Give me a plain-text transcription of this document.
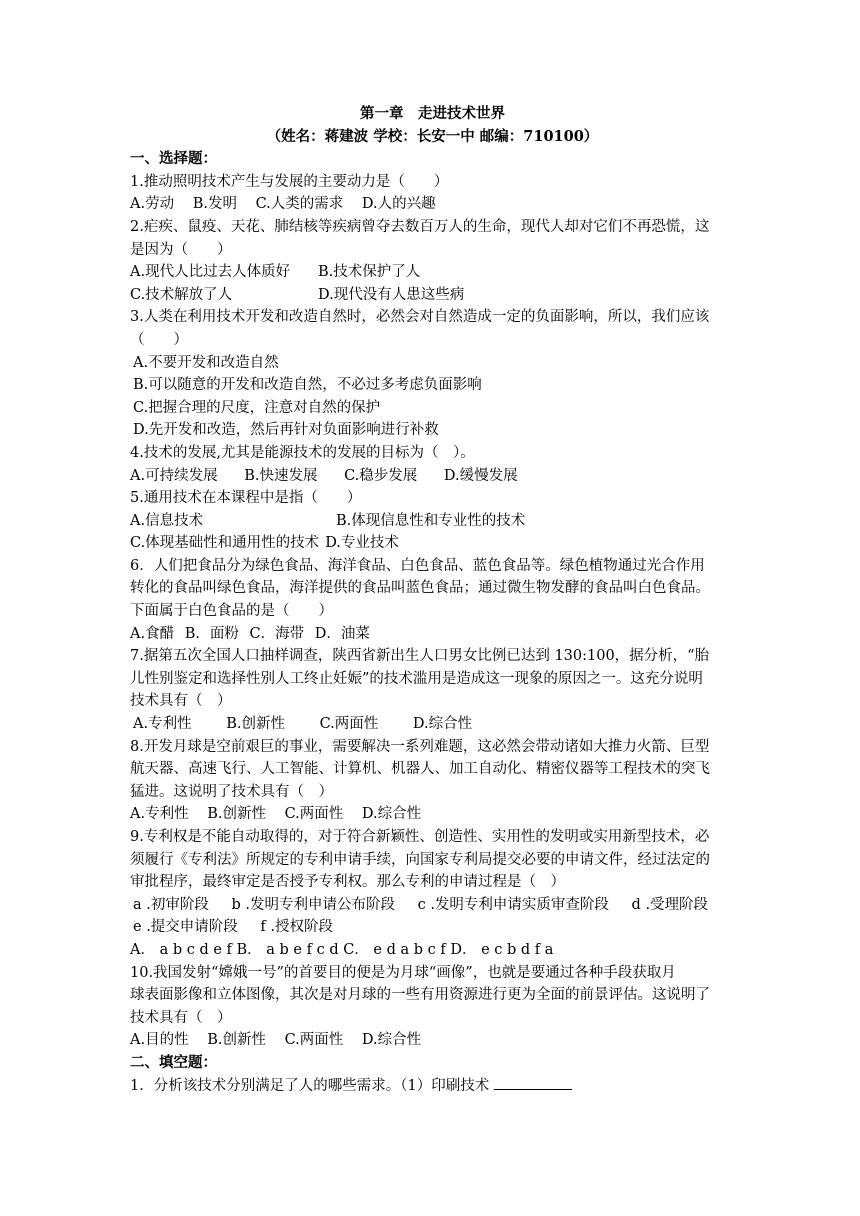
第一章　走进技术世界
（姓名：蒋建波 学校：长安一中 邮编：710100）
一、选择题：
1.推动照明技术产生与发展的主要动力是（　　）
A.劳动 B.发明 C.人类的需求 D.人的兴趣
2.疟疾、鼠疫、天花、肺结核等疾病曾夺去数百万人的生命，现代人却对它们不再恐慌，这
是因为（　　）
A.现代人比过去人体质好	B.技术保护了人
C.技术解放了人	D.现代没有人患这些病
3.人类在利用技术开发和改造自然时，必然会对自然造成一定的负面影响，所以，我们应该
（　　）
A.不要开发和改造自然
B.可以随意的开发和改造自然，不必过多考虑负面影响
C.把握合理的尺度，注意对自然的保护
D.先开发和改造，然后再针对负面影响进行补救
4.技术的发展,尤其是能源技术的发展的目标为（　）。
A.可持续发展 B.快速发展 C.稳步发展 D.缓慢发展
5.通用技术在本课程中是指（　　）
A.信息技术	B.体现信息性和专业性的技术
C.体现基础性和通用性的技术 D.专业技术
6．人们把食品分为绿色食品、海洋食品、白色食品、蓝色食品等。绿色植物通过光合作用
转化的食品叫绿色食品，海洋提供的食品叫蓝色食品；通过微生物发酵的食品叫白色食品。
下面属于白色食品的是（　　）
A.食醋 B．面粉 C．海带 D．油菜
7.据第五次全国人口抽样调查，陕西省新出生人口男女比例已达到 130:100，据分析，“胎
儿性别鉴定和选择性别人工终止妊娠”的技术滥用是造成这一现象的原因之一。这充分说明
技术具有（　）
A.专利性 B.创新性 C.两面性 D.综合性
8.开发月球是空前艰巨的事业，需要解决一系列难题，这必然会带动诸如大推力火箭、巨型
航天器、高速飞行、人工智能、计算机、机器人、加工自动化、精密仪器等工程技术的突飞
猛进。这说明了技术具有（　）
A.专利性 B.创新性 C.两面性 D.综合性
9.专利权是不能自动取得的，对于符合新颖性、创造性、实用性的发明或实用新型技术，必
须履行《专利法》所规定的专利申请手续，向国家专利局提交必要的申请文件，经过法定的
审批程序，最终审定是否授予专利权。那么专利的申请过程是（　）
a .初审阶段 b .发明专利申请公布阶段 c .发明专利申请实质审查阶段 d .受理阶段
e .提交申请阶段 f .授权阶段
A． a b c d e f B． a b e f c d C． e d a b c f D． e c b d f a
10.我国发射“嫦娥一号”的首要目的便是为月球“画像”，也就是要通过各种手段获取月
球表面影像和立体图像，其次是对月球的一些有用资源进行更为全面的前景评估。这说明了
技术具有（　）
A.目的性 B.创新性 C.两面性 D.综合性
二、填空题：
1．分析该技术分别满足了人的哪些需求。（1）印刷技术
